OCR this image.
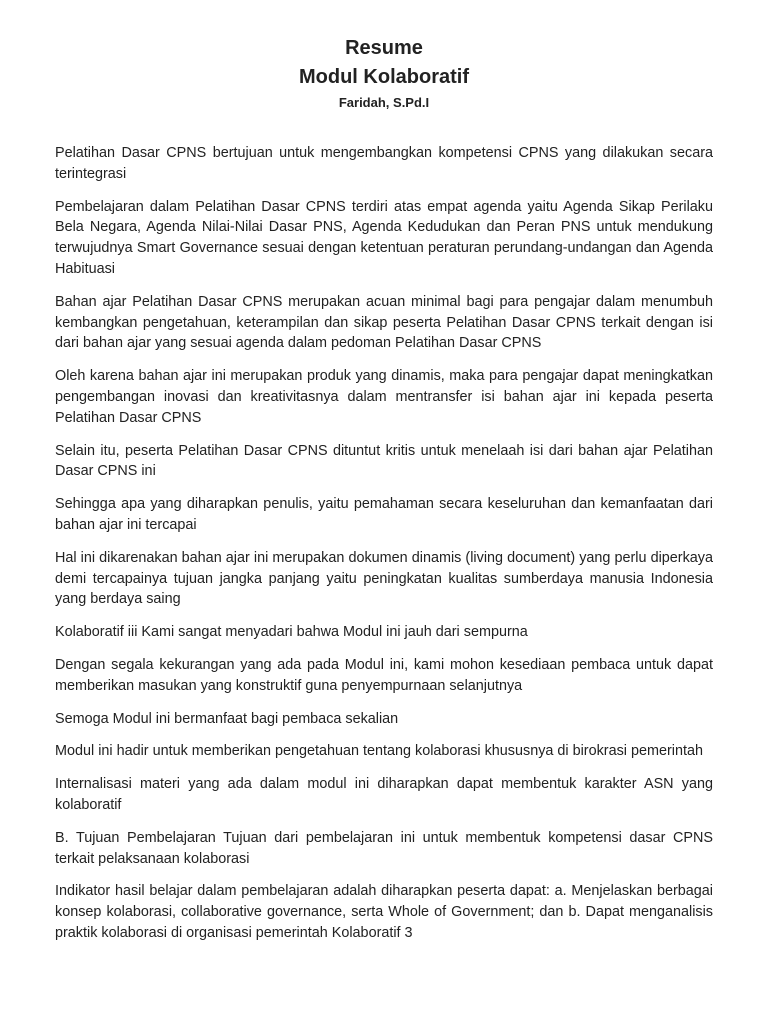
Resume
Modul Kolaboratif

Faridah, S.Pd.I

Pelatihan Dasar CPNS bertujuan untuk mengembangkan kompetensi CPNS yang dilakukan secara terintegrasi

Pembelajaran dalam Pelatihan Dasar CPNS terdiri atas empat agenda yaitu Agenda Sikap Perilaku Bela Negara, Agenda Nilai-Nilai Dasar PNS, Agenda Kedudukan dan Peran PNS untuk mendukung terwujudnya Smart Governance sesuai dengan ketentuan peraturan perundang-undangan dan Agenda Habituasi

Bahan ajar Pelatihan Dasar CPNS merupakan acuan minimal bagi para pengajar dalam menumbuh kembangkan pengetahuan, keterampilan dan sikap peserta Pelatihan Dasar CPNS terkait dengan isi dari bahan ajar yang sesuai agenda dalam pedoman Pelatihan Dasar CPNS

Oleh karena bahan ajar ini merupakan produk yang dinamis, maka para pengajar dapat meningkatkan pengembangan inovasi dan kreativitasnya dalam mentransfer isi bahan ajar ini kepada peserta Pelatihan Dasar CPNS

Selain itu, peserta Pelatihan Dasar CPNS dituntut kritis untuk menelaah isi dari bahan ajar Pelatihan Dasar CPNS ini

Sehingga apa yang diharapkan penulis, yaitu pemahaman secara keseluruhan dan kemanfaatan dari bahan ajar ini tercapai

Hal ini dikarenakan bahan ajar ini merupakan dokumen dinamis (living document) yang perlu diperkaya demi tercapainya tujuan jangka panjang yaitu peningkatan kualitas sumberdaya manusia Indonesia yang berdaya saing

Kolaboratif iii Kami sangat menyadari bahwa Modul ini jauh dari sempurna

Dengan segala kekurangan yang ada pada Modul ini, kami mohon kesediaan pembaca untuk dapat memberikan masukan yang konstruktif guna penyempurnaan selanjutnya

Semoga Modul ini bermanfaat bagi pembaca sekalian

Modul ini hadir untuk memberikan pengetahuan tentang kolaborasi khususnya di birokrasi pemerintah

Internalisasi materi yang ada dalam modul ini diharapkan dapat membentuk karakter ASN yang kolaboratif

B. Tujuan Pembelajaran Tujuan dari pembelajaran ini untuk membentuk kompetensi dasar CPNS terkait pelaksanaan kolaborasi

Indikator hasil belajar dalam pembelajaran adalah diharapkan peserta dapat: a. Menjelaskan berbagai konsep kolaborasi, collaborative governance, serta Whole of Government; dan b. Dapat menganalisis praktik kolaborasi di organisasi pemerintah Kolaboratif 3
